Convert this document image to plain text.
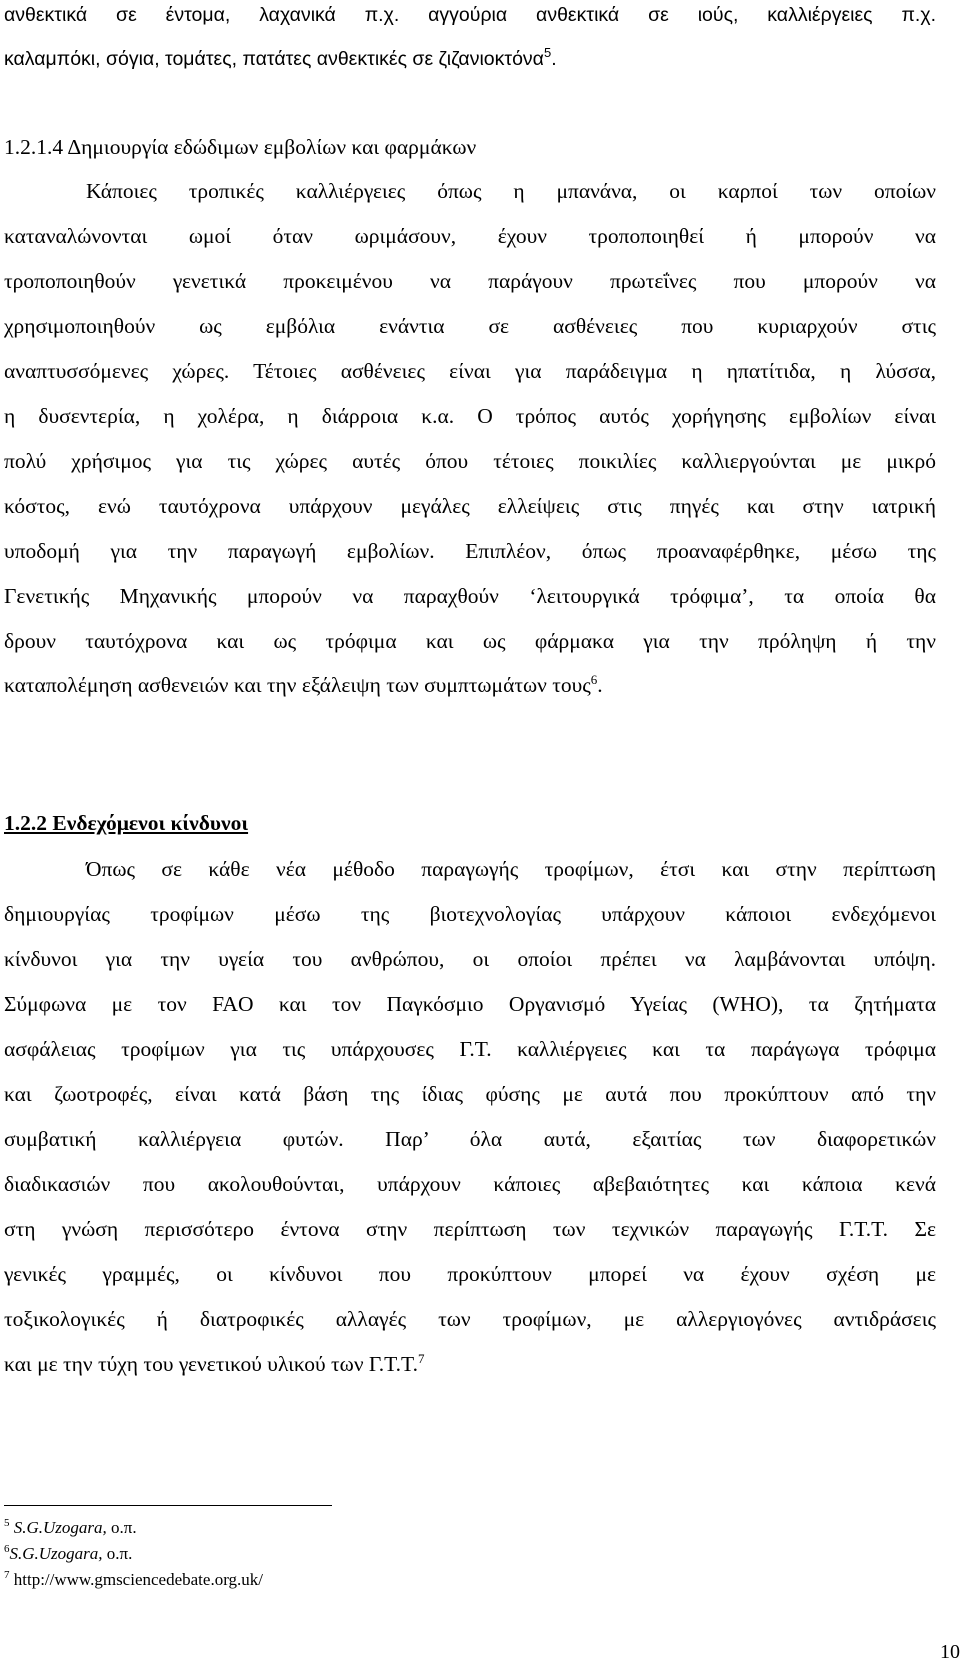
ανθεκτικά σε έντομα, λαχανικά π.χ. αγγούρια ανθεκτικά σε ιούς, καλλιέργειες π.χ.
καλαμπόκι, σόγια, τομάτες, πατάτες ανθεκτικές σε ζιζανιοκτόνα$^5$.
1.2.1.4 Δημιουργία εδώδιμων εμβολίων και φαρμάκων
Κάποιες τροπικές καλλιέργειες όπως η μπανάνα, οι καρποί των οποίων
καταναλώνονται ωμοί όταν ωριμάσουν, έχουν τροποποιηθεί ή μπορούν να
τροποποιηθούν γενετικά προκειμένου να παράγουν πρωτεΐνες που μπορούν να
χρησιμοποιηθούν ως εμβόλια ενάντια σε ασθένειες που κυριαρχούν στις
αναπτυσσόμενες χώρες. Τέτοιες ασθένειες είναι για παράδειγμα η ηπατίτιδα, η λύσσα,
η δυσεντερία, η χολέρα, η διάρροια κ.α. Ο τρόπος αυτός χορήγησης εμβολίων είναι
πολύ χρήσιμος για τις χώρες αυτές όπου τέτοιες ποικιλίες καλλιεργούνται με μικρό
κόστος, ενώ ταυτόχρονα υπάρχουν μεγάλες ελλείψεις στις πηγές και στην ιατρική
υποδομή για την παραγωγή εμβολίων. Επιπλέον, όπως προαναφέρθηκε, μέσω της
Γενετικής Μηχανικής μπορούν να παραχθούν ‘λειτουργικά τρόφιμα’, τα οποία θα
δρουν ταυτόχρονα και ως τρόφιμα και ως φάρμακα για την πρόληψη ή την
καταπολέμηση ασθενειών και την εξάλειψη των συμπτωμάτων τους$^6$.
1.2.2 Ενδεχόμενοι κίνδυνοι
Όπως σε κάθε νέα μέθοδο παραγωγής τροφίμων, έτσι και στην περίπτωση
δημιουργίας τροφίμων μέσω της βιοτεχνολογίας υπάρχουν κάποιοι ενδεχόμενοι
κίνδυνοι για την υγεία του ανθρώπου, οι οποίοι πρέπει να λαμβάνονται υπόψη.
Σύμφωνα με τον FAO και τον Παγκόσμιο Οργανισμό Υγείας (WHO), τα ζητήματα
ασφάλειας τροφίμων για τις υπάρχουσες Γ.Τ. καλλιέργειες και τα παράγωγα τρόφιμα
και ζωοτροφές, είναι κατά βάση της ίδιας φύσης με αυτά που προκύπτουν από την
συμβατική καλλιέργεια φυτών. Παρ’ όλα αυτά, εξαιτίας των διαφορετικών
διαδικασιών που ακολουθούνται, υπάρχουν κάποιες αβεβαιότητες και κάποια κενά
στη γνώση περισσότερο έντονα στην περίπτωση των τεχνικών παραγωγής Γ.Τ.Τ. Σε
γενικές γραμμές, οι κίνδυνοι που προκύπτουν μπορεί να έχουν σχέση με
τοξικολογικές ή διατροφικές αλλαγές των τροφίμων, με αλλεργιογόνες αντιδράσεις
και με την τύχη του γενετικού υλικού των Γ.Τ.Τ.$^7$
$^5$ S.G.Uzogara, ο.π.
$^6$S.G.Uzogara, ο.π.
$^7$ http://www.gmsciencedebate.org.uk/
10
